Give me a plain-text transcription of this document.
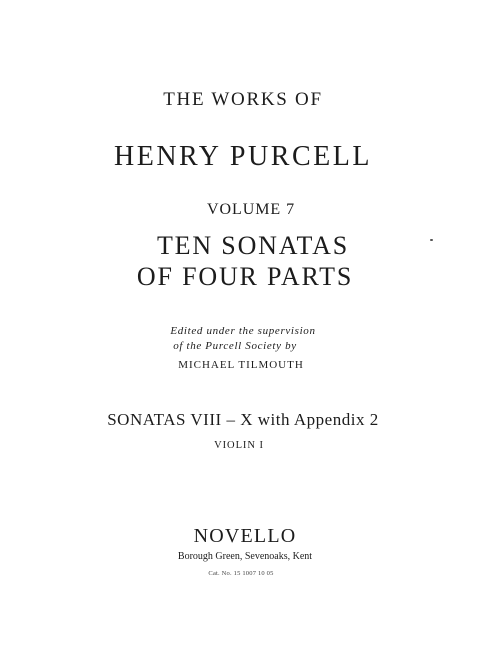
THE WORKS OF
HENRY PURCELL
VOLUME 7
TEN SONATAS
OF FOUR PARTS
Edited under the supervision
of the Purcell Society by
MICHAEL TILMOUTH
SONATAS VIII – X with Appendix 2
VIOLIN I
NOVELLO
Borough Green, Sevenoaks, Kent
Cat. No. 15 1007 10 05
